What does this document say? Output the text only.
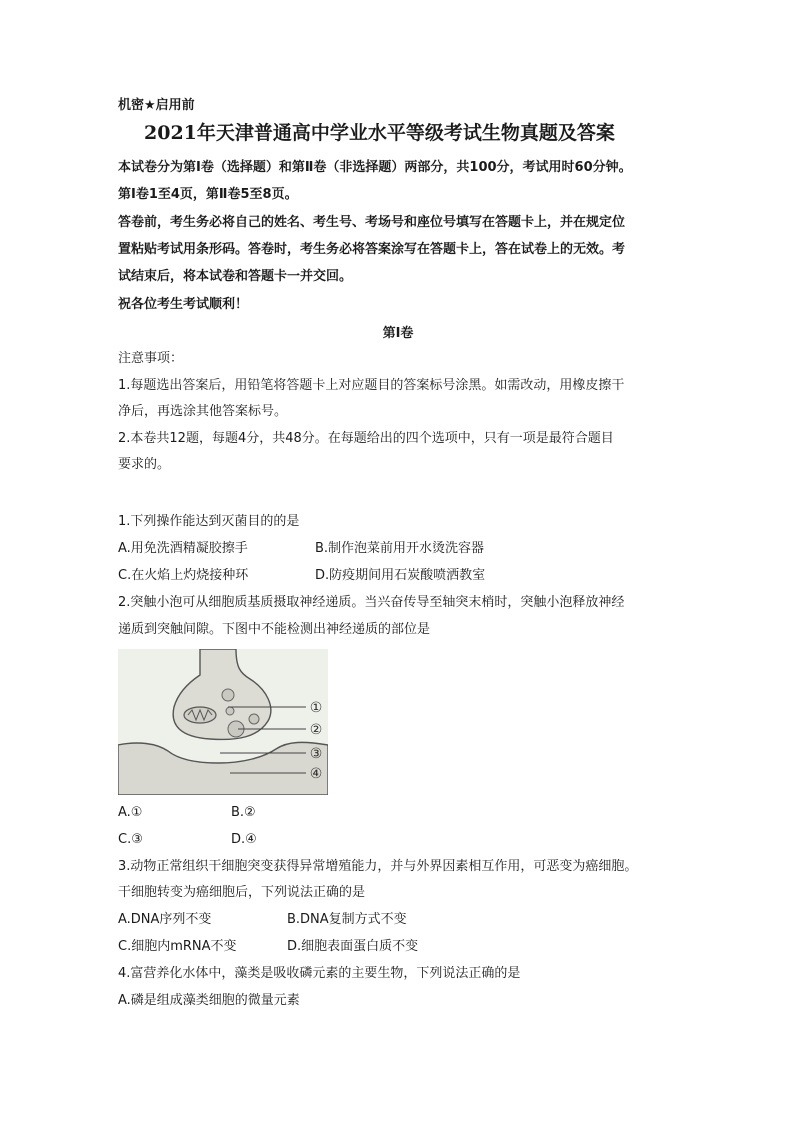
机密★启用前
2021年天津普通高中学业水平等级考试生物真题及答案
本试卷分为第Ⅰ卷（选择题）和第Ⅱ卷（非选择题）两部分，共100分，考试用时60分钟。
第Ⅰ卷1至4页，第Ⅱ卷5至8页。
答卷前，考生务必将自己的姓名、考生号、考场号和座位号填写在答题卡上，并在规定位
置粘贴考试用条形码。答卷时，考生务必将答案涂写在答题卡上，答在试卷上的无效。考
试结束后，将本试卷和答题卡一并交回。
祝各位考生考试顺利！
第Ⅰ卷
注意事项：
1.每题选出答案后，用铅笔将答题卡上对应题目的答案标号涂黑。如需改动，用橡皮擦干
净后，再选涂其他答案标号。
2.本卷共12题，每题4分，共48分。在每题给出的四个选项中，只有一项是最符合题目
要求的。
1.下列操作能达到灭菌目的的是
A.用免洗酒精凝胶擦手	B.制作泡菜前用开水烫洗容器
C.在火焰上灼烧接种环	D.防疫期间用石炭酸喷洒教室
2.突触小泡可从细胞质基质摄取神经递质。当兴奋传导至轴突末梢时，突触小泡释放神经
递质到突触间隙。下图中不能检测出神经递质的部位是
①
②
③
④
A.①	B.②
C.③	D.④
3.动物正常组织干细胞突变获得异常增殖能力，并与外界因素相互作用，可恶变为癌细胞。
干细胞转变为癌细胞后，下列说法正确的是
A.DNA序列不变	B.DNA复制方式不变
C.细胞内mRNA不变	D.细胞表面蛋白质不变
4.富营养化水体中，藻类是吸收磷元素的主要生物，下列说法正确的是
A.磷是组成藻类细胞的微量元素
